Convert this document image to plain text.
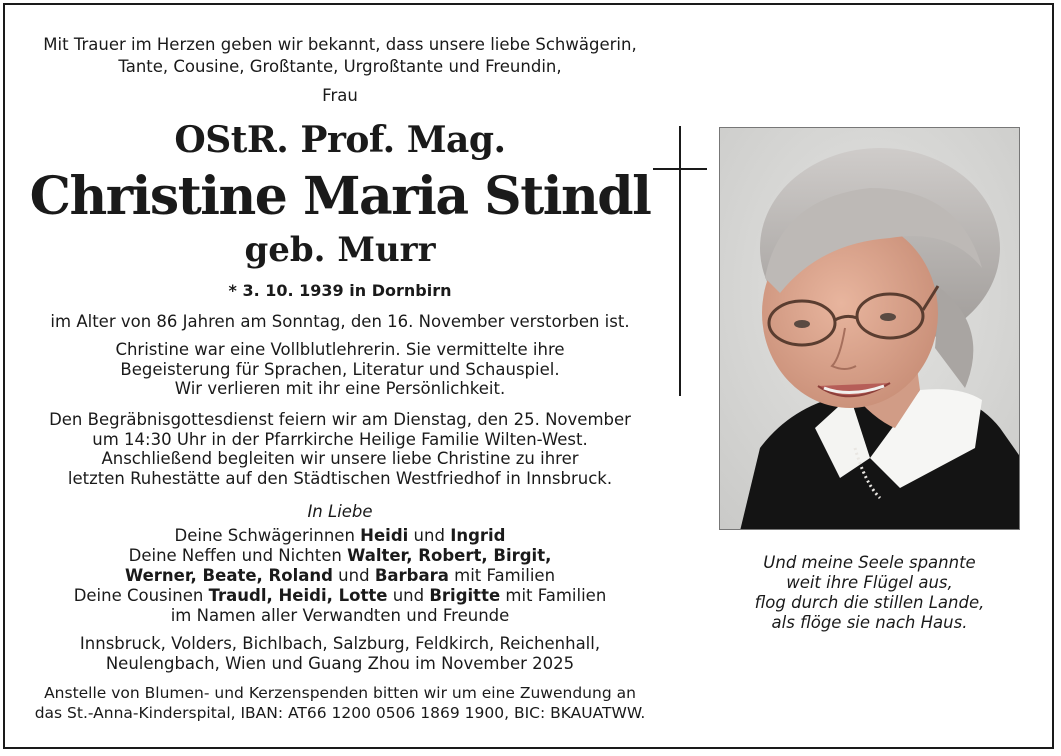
Mit Trauer im Herzen geben wir bekannt, dass unsere liebe Schwägerin,
Tante, Cousine, Großtante, Urgroßtante und Freundin,
Frau
OStR. Prof. Mag.
Christine Maria Stindl
geb. Murr
* 3. 10. 1939 in Dornbirn
im Alter von 86 Jahren am Sonntag, den 16. November verstorben ist.
Christine war eine Vollblutlehrerin. Sie vermittelte ihre
Begeisterung für Sprachen, Literatur und Schauspiel.
Wir verlieren mit ihr eine Persönlichkeit.
Den Begräbnisgottesdienst feiern wir am Dienstag, den 25. November
um 14:30 Uhr in der Pfarrkirche Heilige Familie Wilten-West.
Anschließend begleiten wir unsere liebe Christine zu ihrer
letzten Ruhestätte auf den Städtischen Westfriedhof in Innsbruck.
In Liebe
Deine Schwägerinnen Heidi und Ingrid
Deine Neffen und Nichten Walter, Robert, Birgit,
Werner, Beate, Roland und Barbara mit Familien
Deine Cousinen Traudl, Heidi, Lotte und Brigitte mit Familien
im Namen aller Verwandten und Freunde
Innsbruck, Volders, Bichlbach, Salzburg, Feldkirch, Reichenhall,
Neulengbach, Wien und Guang Zhou im November 2025
Anstelle von Blumen- und Kerzenspenden bitten wir um eine Zuwendung an
das St.-Anna-Kinderspital, IBAN: AT66 1200 0506 1869 1900, BIC: BKAUATWW.
Und meine Seele spannte
weit ihre Flügel aus,
flog durch die stillen Lande,
als flöge sie nach Haus.
